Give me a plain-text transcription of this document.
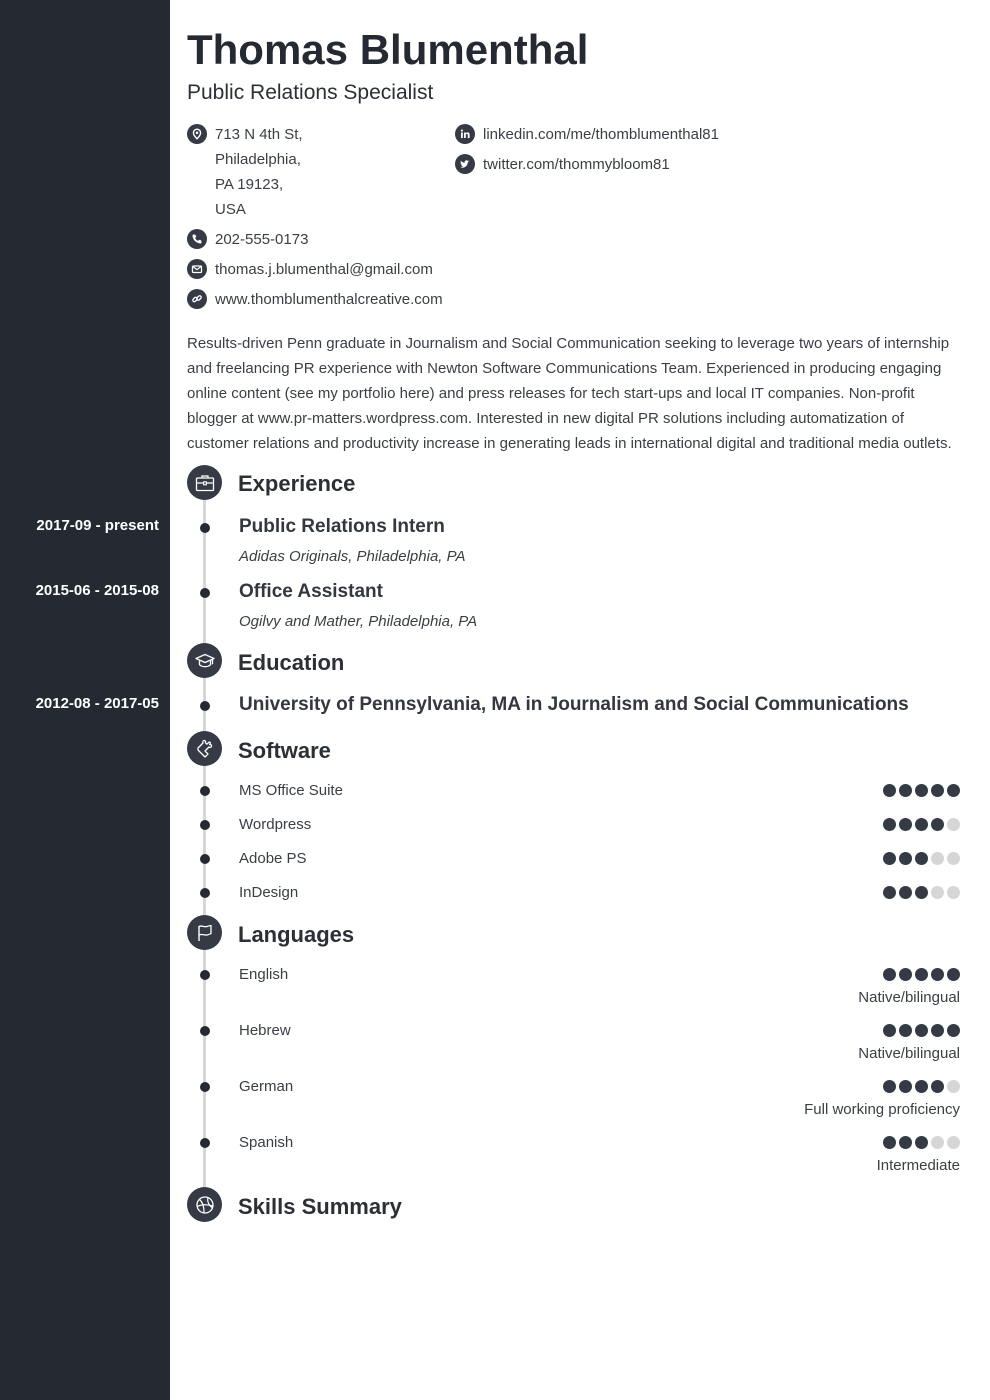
Thomas Blumenthal
Public Relations Specialist
713 N 4th St,
Philadelphia,
PA 19123,
USA
202-555-0173
thomas.j.blumenthal@gmail.com
www.thomblumenthalcreative.com
linkedin.com/me/thomblumenthal81
twitter.com/thommybloom81

Results-driven Penn graduate in Journalism and Social Communication seeking to leverage two years of internship and freelancing PR experience with Newton Software Communications Team. Experienced in producing engaging online content (see my portfolio here) and press releases for tech start-ups and local IT companies. Non-profit blogger at www.pr-matters.wordpress.com. Interested in new digital PR solutions including automatization of customer relations and productivity increase in generating leads in international digital and traditional media outlets.

Experience
2017-09 - present	Public Relations Intern
Adidas Originals, Philadelphia, PA
2015-06 - 2015-08	Office Assistant
Ogilvy and Mather, Philadelphia, PA
Education
2012-08 - 2017-05	University of Pennsylvania, MA in Journalism and Social Communications
Software
MS Office Suite
Wordpress
Adobe PS
InDesign
Languages
English
Native/bilingual
Hebrew
Native/bilingual
German
Full working proficiency
Spanish
Intermediate
Skills Summary
